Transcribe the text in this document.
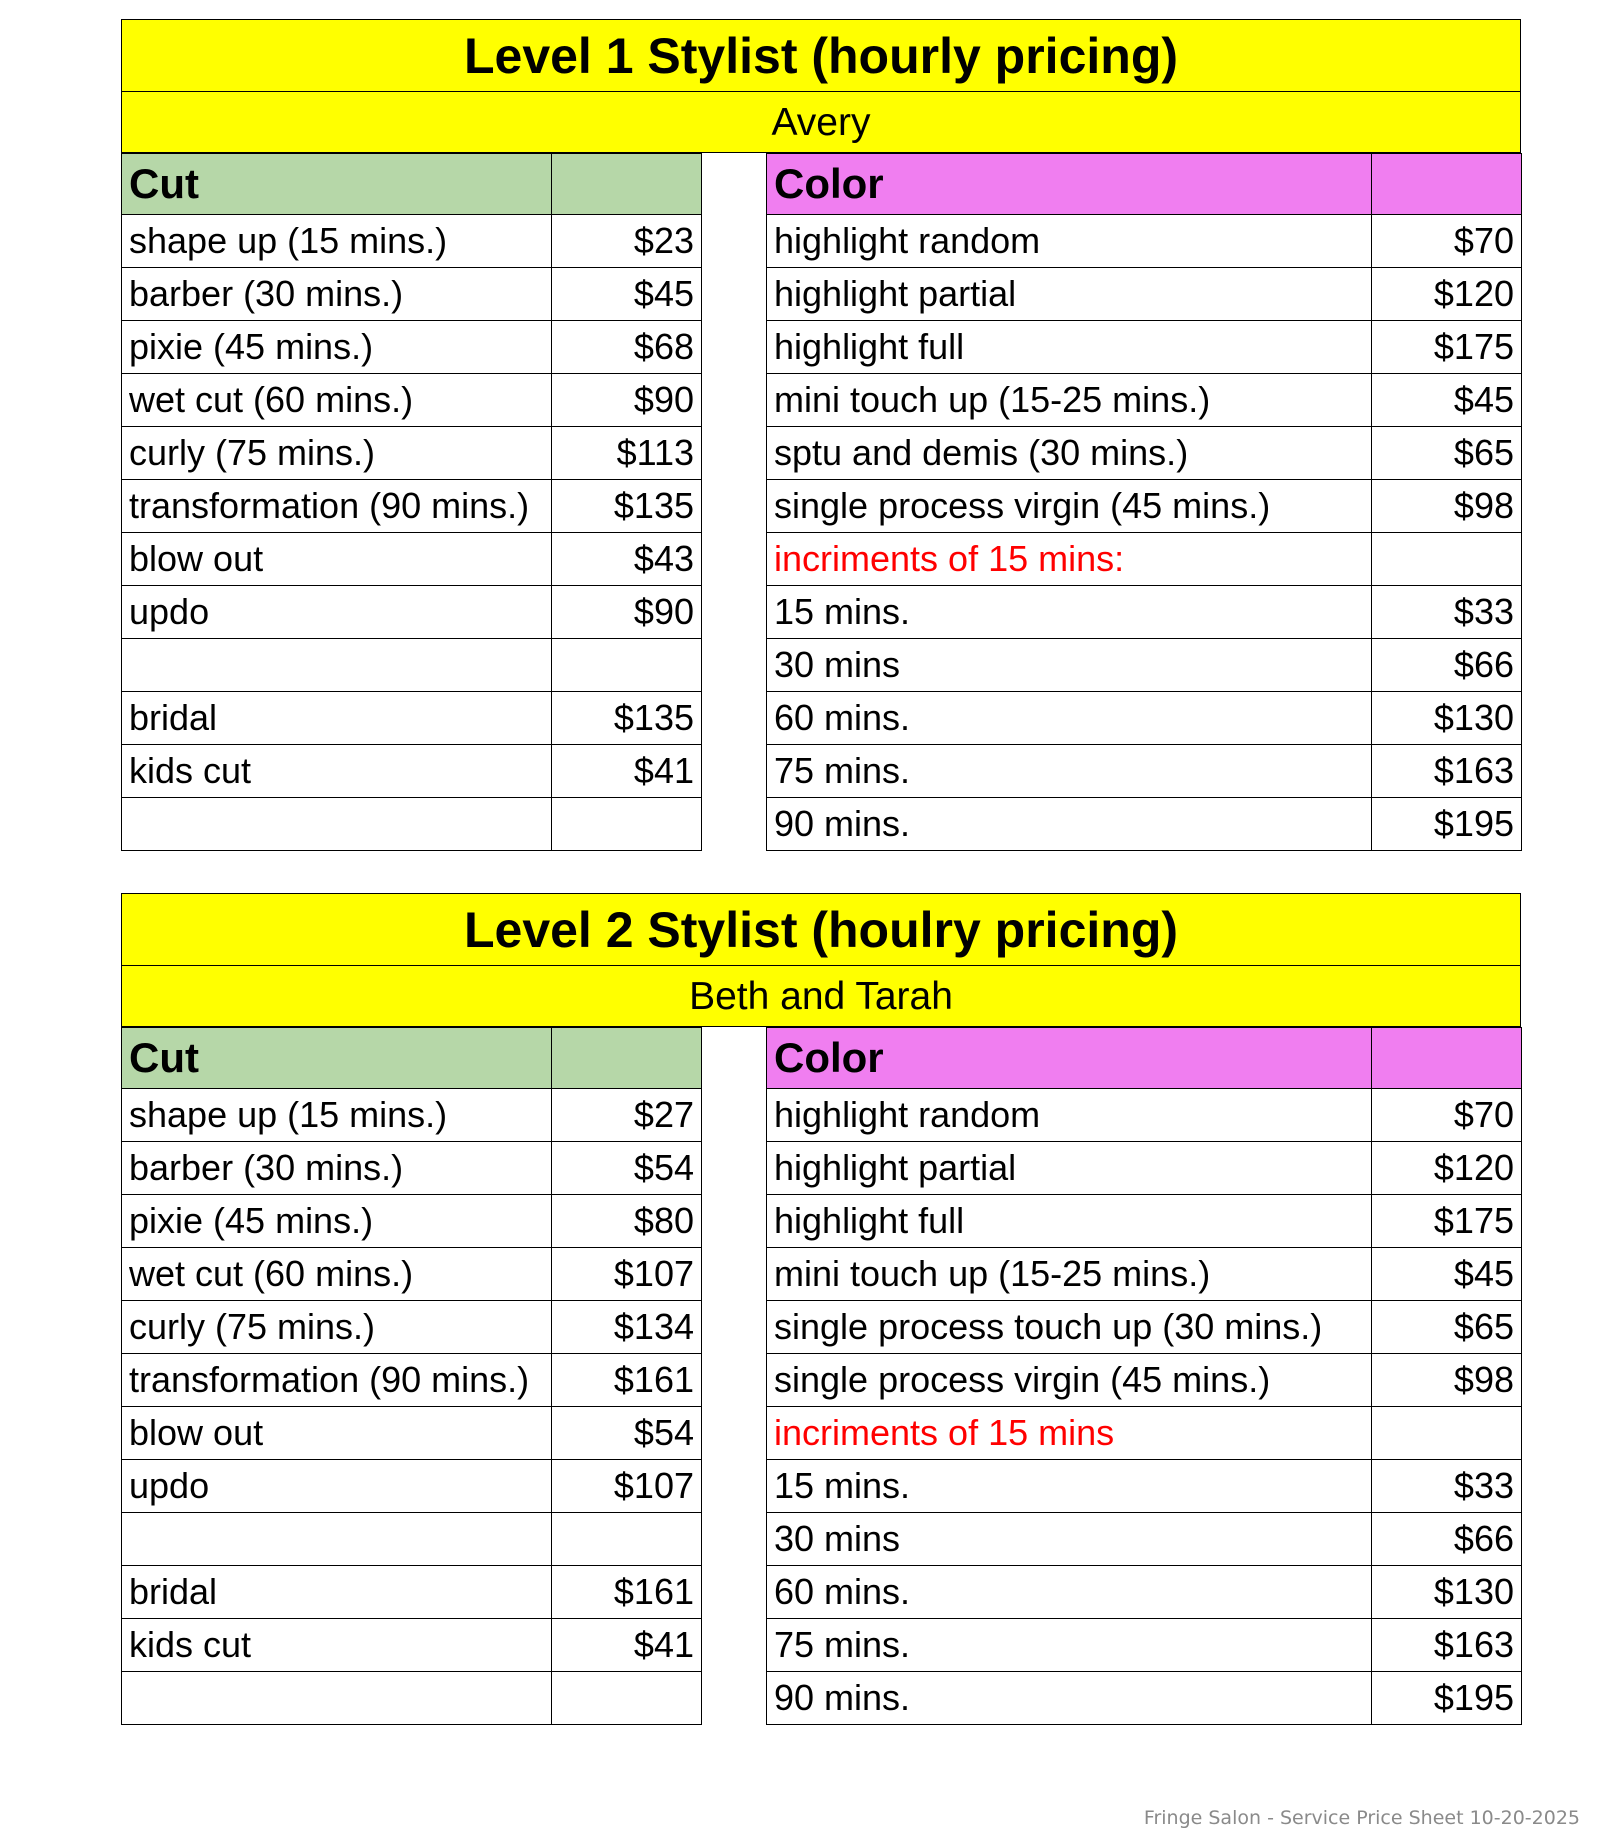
Level 1 Stylist (hourly pricing)
Avery
Cut	
shape up (15 mins.)	$23
barber (30 mins.)	$45
pixie (45 mins.)	$68
wet cut (60 mins.)	$90
curly (75 mins.)	$113
transformation (90 mins.)	$135
blow out	$43
updo	$90

bridal	$135
kids cut	$41

Color	
highlight random	$70
highlight partial	$120
highlight full	$175
mini touch up (15-25 mins.)	$45
sptu and demis (30 mins.)	$65
single process virgin (45 mins.)	$98
incriments of 15 mins:	
15 mins.	$33
30 mins	$66
60 mins.	$130
75 mins.	$163
90 mins.	$195
Level 2 Stylist (houlry pricing)
Beth and Tarah
Cut	
shape up (15 mins.)	$27
barber (30 mins.)	$54
pixie (45 mins.)	$80
wet cut (60 mins.)	$107
curly (75 mins.)	$134
transformation (90 mins.)	$161
blow out	$54
updo	$107

bridal	$161
kids cut	$41

Color	
highlight random	$70
highlight partial	$120
highlight full	$175
mini touch up (15-25 mins.)	$45
single process touch up (30 mins.)	$65
single process virgin (45 mins.)	$98
incriments of 15 mins	
15 mins.	$33
30 mins	$66
60 mins.	$130
75 mins.	$163
90 mins.	$195
Fringe Salon - Service Price Sheet 10-20-2025
